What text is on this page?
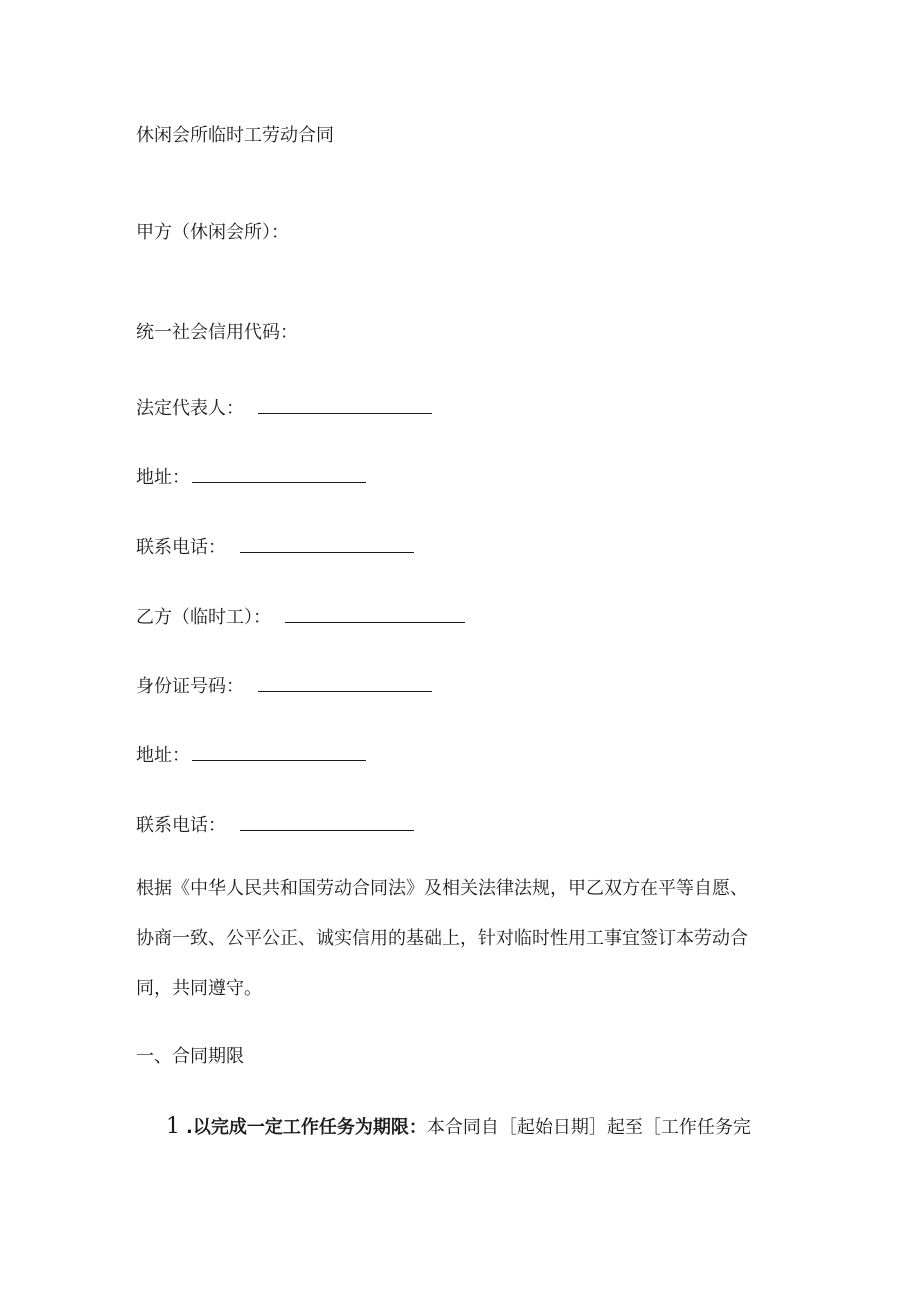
休闲会所临时工劳动合同
甲方（休闲会所）：
统一社会信用代码：
法定代表人：
地址：
联系电话：
乙方（临时工）：
身份证号码：
地址：
联系电话：
根据《中华人民共和国劳动合同法》及相关法律法规，甲乙双方在平等自愿、
协商一致、公平公正、诚实信用的基础上，针对临时性用工事宜签订本劳动合
同，共同遵守。
一、合同期限
1 .以完成一定工作任务为期限：本合同自［起始日期］起至［工作任务完
